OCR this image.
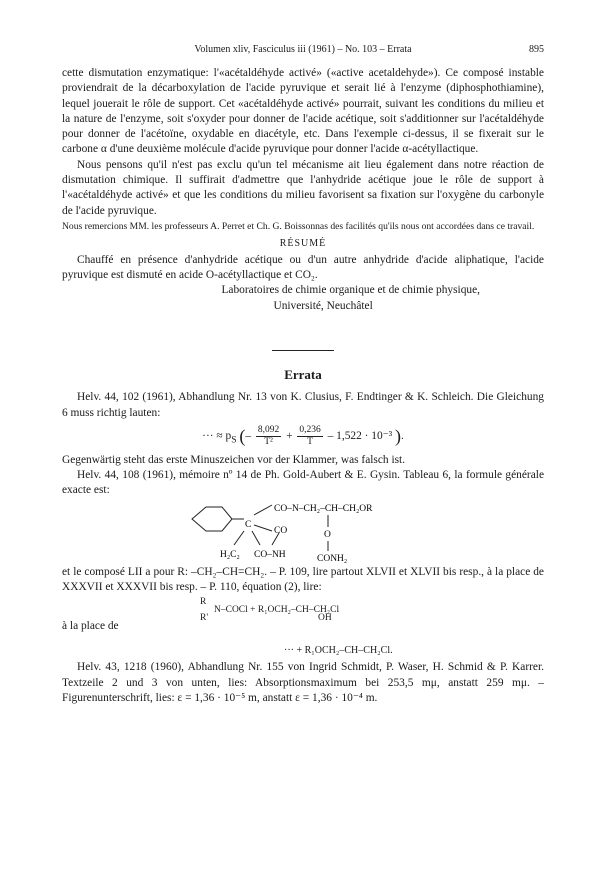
Volumen xliv, Fasciculus iii (1961) – No. 103 – Errata	895

cette dismutation enzymatique: l'«acétaldéhyde activé» («active acetaldehyde»). Ce composé instable proviendrait de la décarboxylation de l'acide pyruvique et serait lié à l'enzyme (diphosphothiamine), lequel jouerait le rôle de support. Cet «acétaldéhyde activé» pourrait, suivant les conditions du milieu et la nature de l'enzyme, soit s'oxyder pour donner de l'acide acétique, soit s'additionner sur l'acétaldéhyde pour donner de l'acétoïne, oxydable en diacétyle, etc. Dans l'exemple ci-dessus, il se fixerait sur le carbone α d'une deuxième molécule d'acide pyruvique pour donner l'acide α-acétyllactique.

Nous pensons qu'il n'est pas exclu qu'un tel mécanisme ait lieu également dans notre réaction de dismutation chimique. Il suffirait d'admettre que l'anhydride acétique joue le rôle de support à l'«acétaldéhyde activé» et que les conditions du milieu favorisent sa fixation sur l'oxygène du carbonyle de l'acide pyruvique.

Nous remercions MM. les professeurs A. Perret et Ch. G. Boissonnas des facilités qu'ils nous ont accordées dans ce travail.

RÉSUMÉ

Chauffé en présence d'anhydride acétique ou d'un autre anhydride d'acide aliphatique, l'acide pyruvique est dismuté en acide O-acétyllactique et CO₂.

Laboratoires de chimie organique et de chimie physique,
Université, Neuchâtel
Errata

Helv. 44, 102 (1961), Abhandlung Nr. 13 von K. Clusius, F. Endtinger & K. Schleich. Die Gleichung 6 muss richtig lauten:

··· ≈ $p_S$ (– $\frac{8,092}{\text{T²}} + \frac{0,236}{T} - 1,522 \cdot 10^{-3}$ ).

Gegenwärtig steht das erste Minuszeichen vor der Klammer, was falsch ist.

Helv. 44, 108 (1961), mémoire nº 14 de Ph. Gold-Aubert & E. Gysin. Tableau 6, la formule générale exacte est:

CO–N–CH₂–CH–CH₂OR
CO	O
C
H₂C₂ CO–NH	CONH₂

et le composé LII a pour R: –CH₂–CH=CH₂. – P. 109, lire partout XLVII et XLVII bis resp., à la place de XXXVII et XXXVII bis resp. – P. 110, équation (2), lire:

à la place de
R
N–COCl + R₁OCH₂–CH–CH₂Cl
R'	OH
··· + R₁OCH₂–CH–CH₂Cl.

Helv. 43, 1218 (1960), Abhandlung Nr. 155 von Ingrid Schmidt, P. Waser, H. Schmid & P. Karrer. Textzeile 2 und 3 von unten, lies: Absorptionsmaximum bei 253,5 mμ, anstatt 259 mμ. – Figurenunterschrift, lies: ε = 1,36 · 10⁻⁵ m, anstatt ε = 1,36 · 10⁻⁴ m.
